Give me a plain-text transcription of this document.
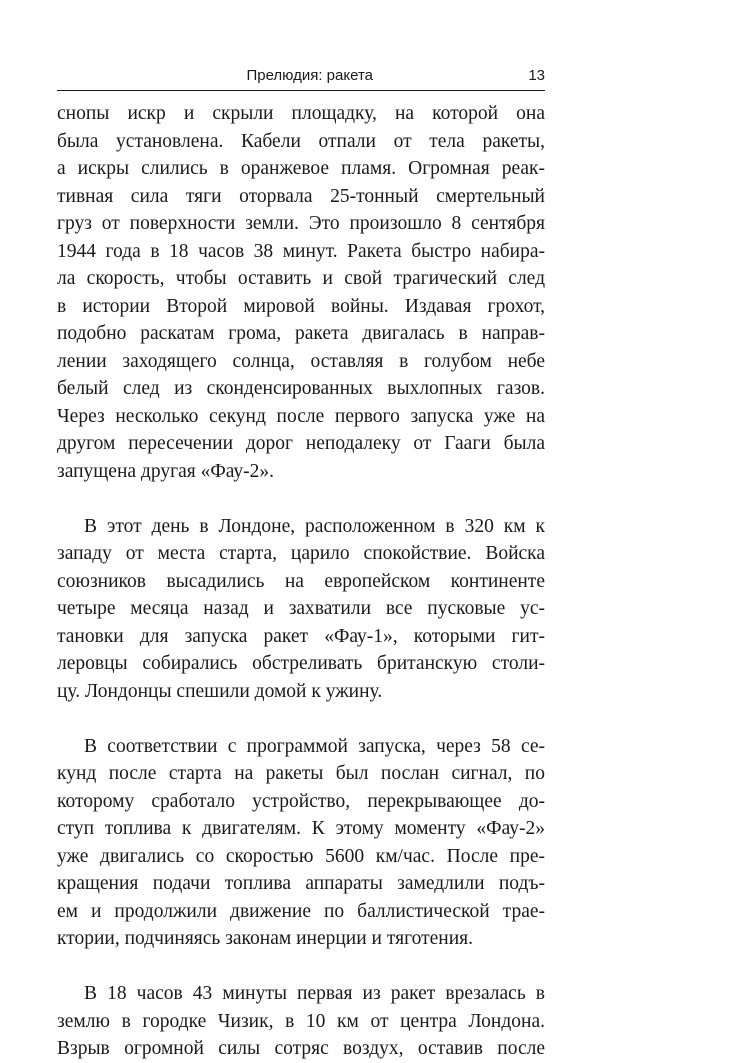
Прелюдия: ракета	13

снопы искр и скрыли площадку, на которой она
была установлена. Кабели отпали от тела ракеты,
а искры слились в оранжевое пламя. Огромная реак-
тивная сила тяги оторвала 25-тонный смертельный
груз от поверхности земли. Это произошло 8 сентября
1944 года в 18 часов 38 минут. Ракета быстро набира-
ла скорость, чтобы оставить и свой трагический след
в истории Второй мировой войны. Издавая грохот,
подобно раскатам грома, ракета двигалась в направ-
лении заходящего солнца, оставляя в голубом небе
белый след из сконденсированных выхлопных газов.
Через несколько секунд после первого запуска уже на
другом пересечении дорог неподалеку от Гааги была
запущена другая «Фау-2».

В этот день в Лондоне, расположенном в 320 км к
западу от места старта, царило спокойствие. Войска
союзников высадились на европейском континенте
четыре месяца назад и захватили все пусковые ус-
тановки для запуска ракет «Фау-1», которыми гит-
леровцы собирались обстреливать британскую столи-
цу. Лондонцы спешили домой к ужину.

В соответствии с программой запуска, через 58 се-
кунд после старта на ракеты был послан сигнал, по
которому сработало устройство, перекрывающее до-
ступ топлива к двигателям. К этому моменту «Фау-2»
уже двигались со скоростью 5600 км/час. После пре-
кращения подачи топлива аппараты замедлили подъ-
ем и продолжили движение по баллистической трае-
ктории, подчиняясь законам инерции и тяготения.

В 18 часов 43 минуты первая из ракет врезалась в
землю в городке Чизик, в 10 км от центра Лондона.
Взрыв огромной силы сотряс воздух, оставив после
